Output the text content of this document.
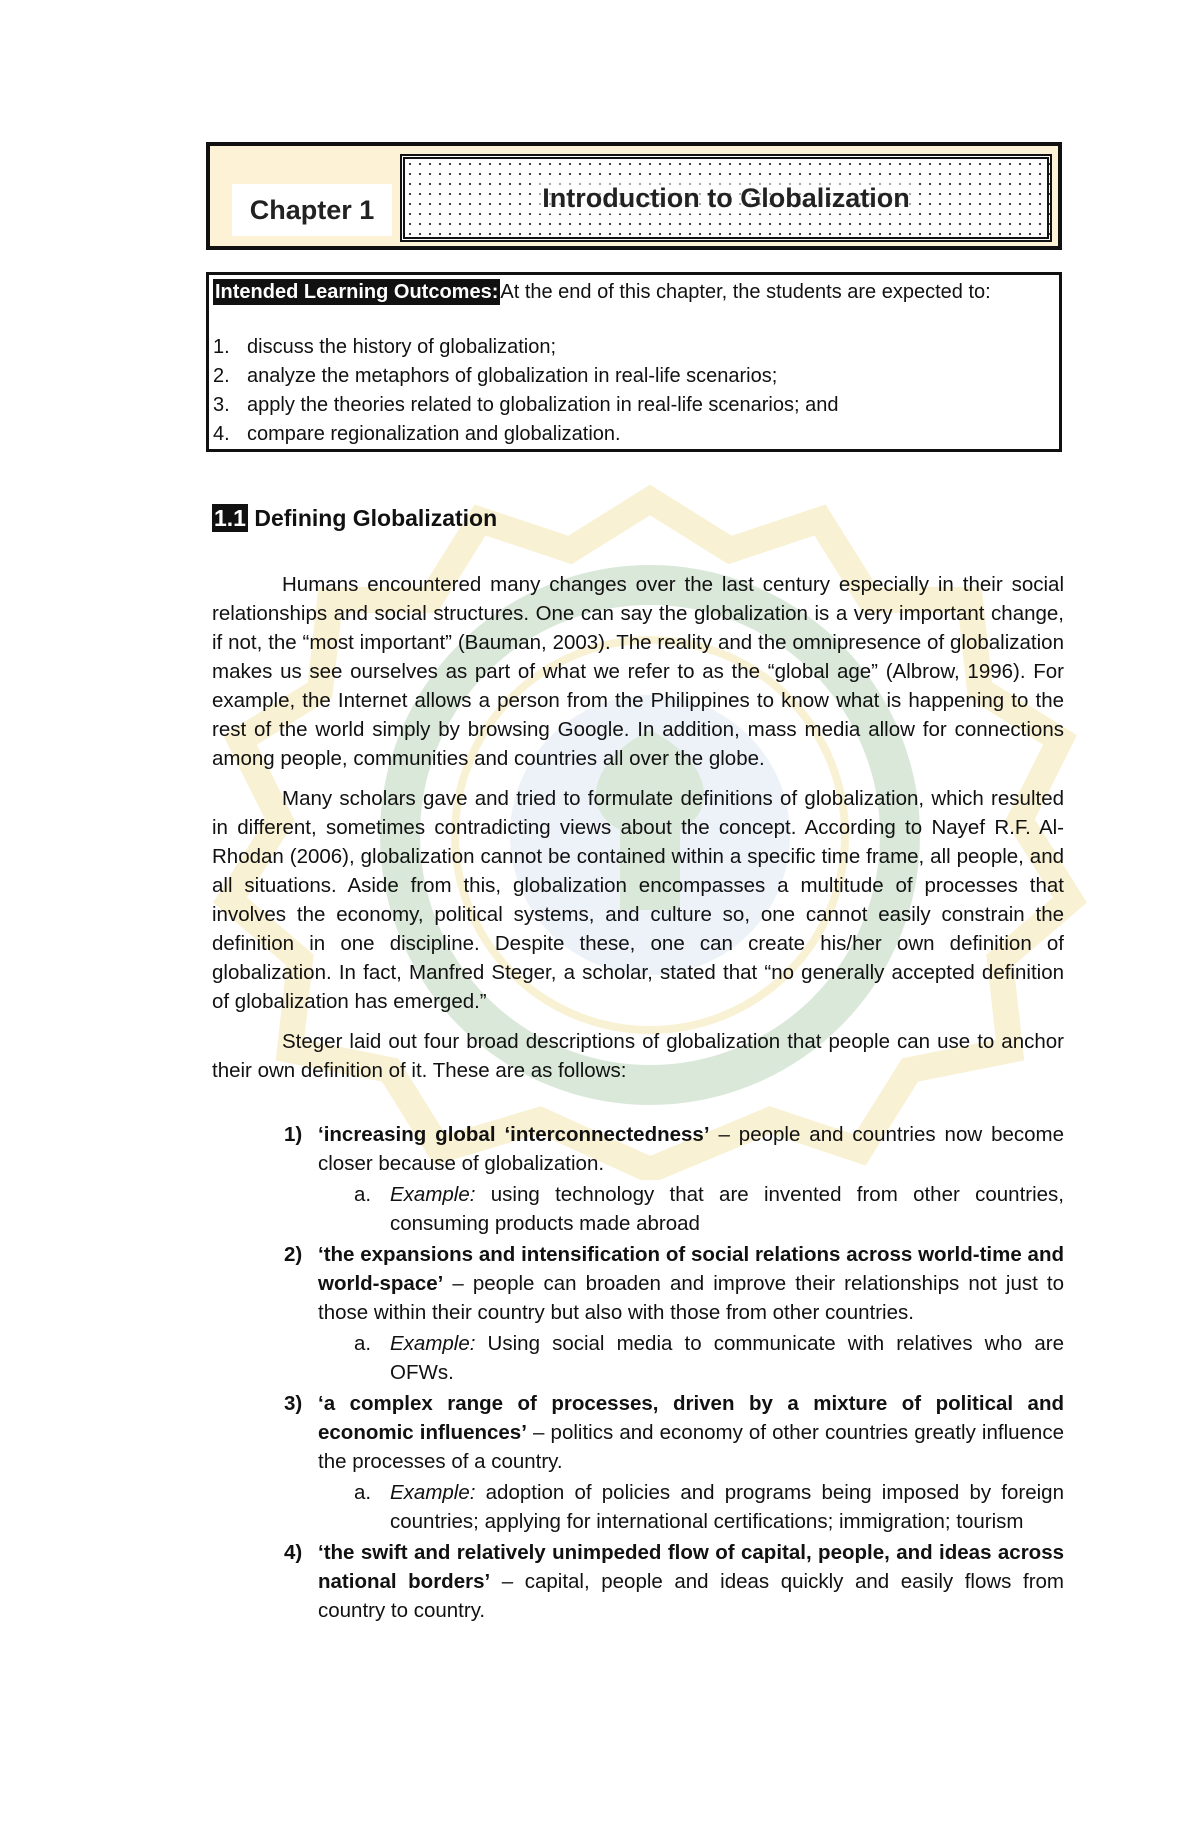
Chapter 1	Introduction to Globalization
Intended Learning Outcomes: At the end of this chapter, the students are expected to:
1. discuss the history of globalization;
2. analyze the metaphors of globalization in real-life scenarios;
3. apply the theories related to globalization in real-life scenarios; and
4. compare regionalization and globalization.
1.1 Defining Globalization

Humans encountered many changes over the last century especially in their social relationships and social structures. One can say the globalization is a very important change, if not, the “most important” (Bauman, 2003). The reality and the omnipresence of globalization makes us see ourselves as part of what we refer to as the “global age” (Albrow, 1996). For example, the Internet allows a person from the Philippines to know what is happening to the rest of the world simply by browsing Google. In addition, mass media allow for connections among people, communities and countries all over the globe.

Many scholars gave and tried to formulate definitions of globalization, which resulted in different, sometimes contradicting views about the concept. According to Nayef R.F. Al-Rhodan (2006), globalization cannot be contained within a specific time frame, all people, and all situations. Aside from this, globalization encompasses a multitude of processes that involves the economy, political systems, and culture so, one cannot easily constrain the definition in one discipline. Despite these, one can create his/her own definition of globalization. In fact, Manfred Steger, a scholar, stated that “no generally accepted definition of globalization has emerged.”

Steger laid out four broad descriptions of globalization that people can use to anchor their own definition of it. These are as follows:

1) ‘increasing global ‘interconnectedness’ – people and countries now become closer because of globalization.
a. Example: using technology that are invented from other countries, consuming products made abroad
2) ‘the expansions and intensification of social relations across world-time and world-space’ – people can broaden and improve their relationships not just to those within their country but also with those from other countries.
a. Example: Using social media to communicate with relatives who are OFWs.
3) ‘a complex range of processes, driven by a mixture of political and economic influences’ – politics and economy of other countries greatly influence the processes of a country.
a. Example: adoption of policies and programs being imposed by foreign countries; applying for international certifications; immigration; tourism
4) ‘the swift and relatively unimpeded flow of capital, people, and ideas across national borders’ – capital, people and ideas quickly and easily flows from country to country.
